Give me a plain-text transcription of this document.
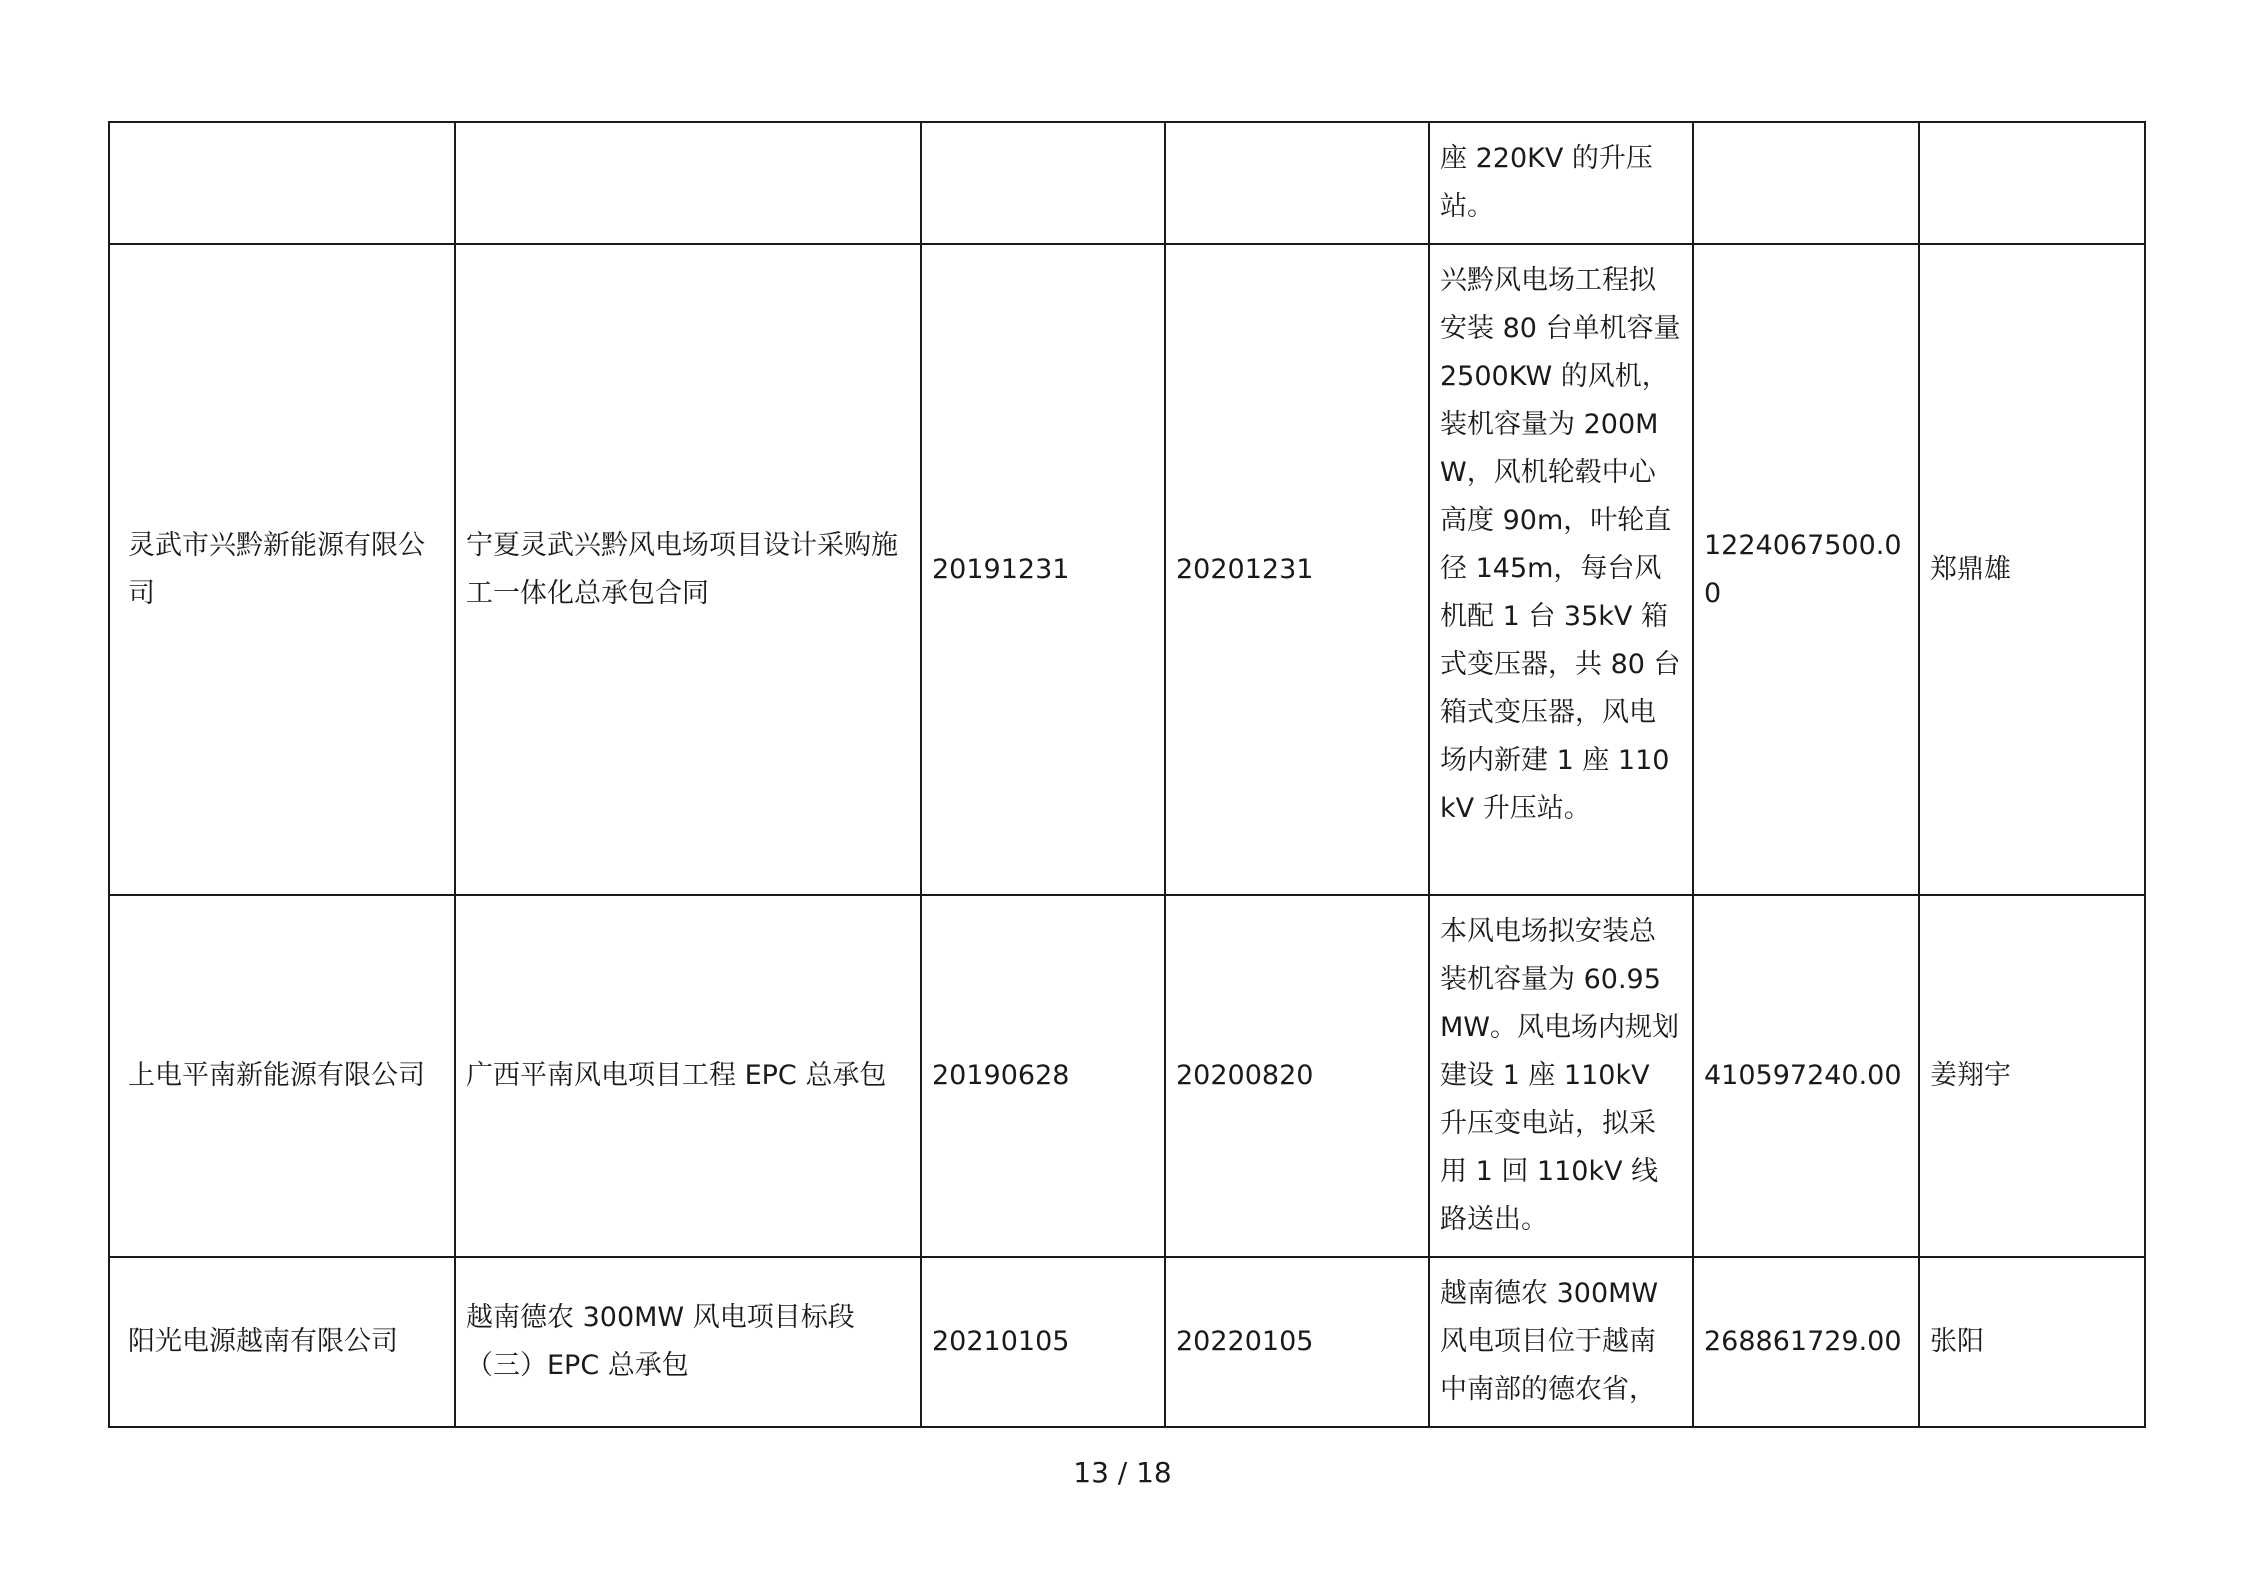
				座 220KV 的升压站。		

灵武市兴黔新能源有限公司	宁夏灵武兴黔风电场项目设计采购施工一体化总承包合同	20191231	20201231	兴黔风电场工程拟安装 80 台单机容量 2500KW 的风机，装机容量为 200MW，风机轮毂中心高度 90m，叶轮直径 145m，每台风机配 1 台 35kV 箱式变压器，共 80 台箱式变压器，风电场内新建 1 座 110kV 升压站。	1224067500.00	郑鼎雄

上电平南新能源有限公司	广西平南风电项目工程 EPC 总承包	20190628	20200820	本风电场拟安装总装机容量为 60.95MW。风电场内规划建设 1 座 110kV 升压变电站，拟采用 1 回 110kV 线路送出。	410597240.00	姜翔宇

阳光电源越南有限公司	越南德农 300MW 风电项目标段（三）EPC 总承包	20210105	20220105	越南德农 300MW 风电项目位于越南中南部的德农省，	268861729.00	张阳
13 / 18
